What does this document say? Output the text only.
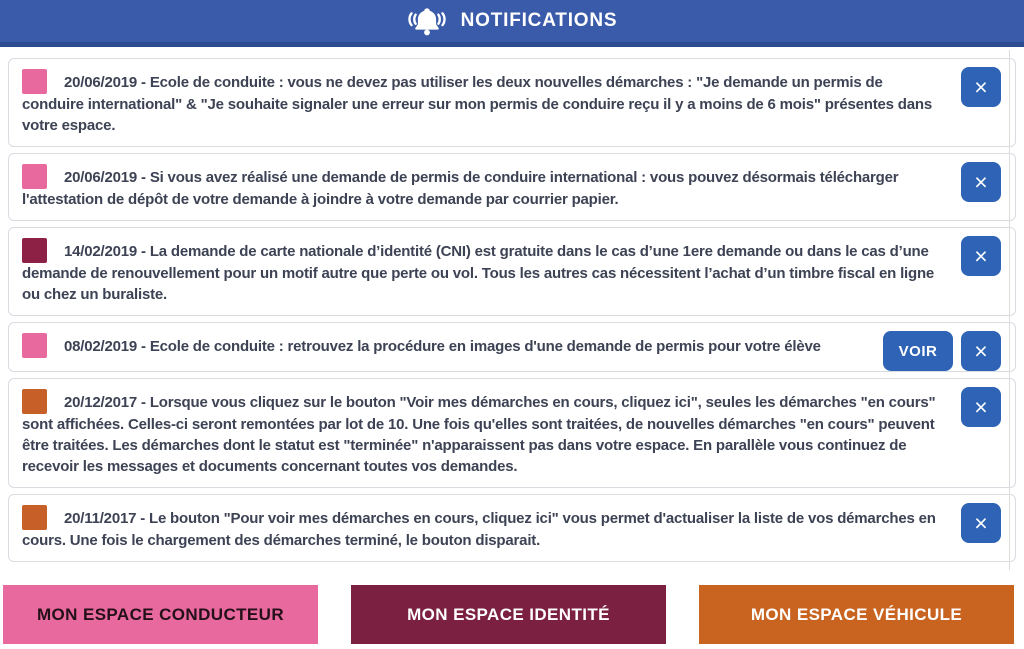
NOTIFICATIONS

20/06/2019 - Ecole de conduite : vous ne devez pas utiliser les deux nouvelles démarches : "Je demande un permis de conduire international" & "Je souhaite signaler une erreur sur mon permis de conduire reçu il y a moins de 6 mois" présentes dans votre espace.

×

20/06/2019 - Si vous avez réalisé une demande de permis de conduire international : vous pouvez désormais télécharger l'attestation de dépôt de votre demande à joindre à votre demande par courrier papier.

×

14/02/2019 - La demande de carte nationale d’identité (CNI) est gratuite dans le cas d’une 1ere demande ou dans le cas d’une demande de renouvellement pour un motif autre que perte ou vol. Tous les autres cas nécessitent l’achat d’un timbre fiscal en ligne ou chez un buraliste.

×

08/02/2019 - Ecole de conduite : retrouvez la procédure en images d'une demande de permis pour votre élève	VOIR	×

20/12/2017 - Lorsque vous cliquez sur le bouton "Voir mes démarches en cours, cliquez ici", seules les démarches "en cours" sont affichées. Celles-ci seront remontées par lot de 10. Une fois qu'elles sont traitées, de nouvelles démarches "en cours" peuvent être traitées. Les démarches dont le statut est "terminée" n'apparaissent pas dans votre espace. En parallèle vous continuez de recevoir les messages et documents concernant toutes vos demandes.

×

20/11/2017 - Le bouton "Pour voir mes démarches en cours, cliquez ici" vous permet d'actualiser la liste de vos démarches en cours. Une fois le chargement des démarches terminé, le bouton disparait.

×
MON ESPACE CONDUCTEUR	MON ESPACE IDENTITÉ	MON ESPACE VÉHICULE
